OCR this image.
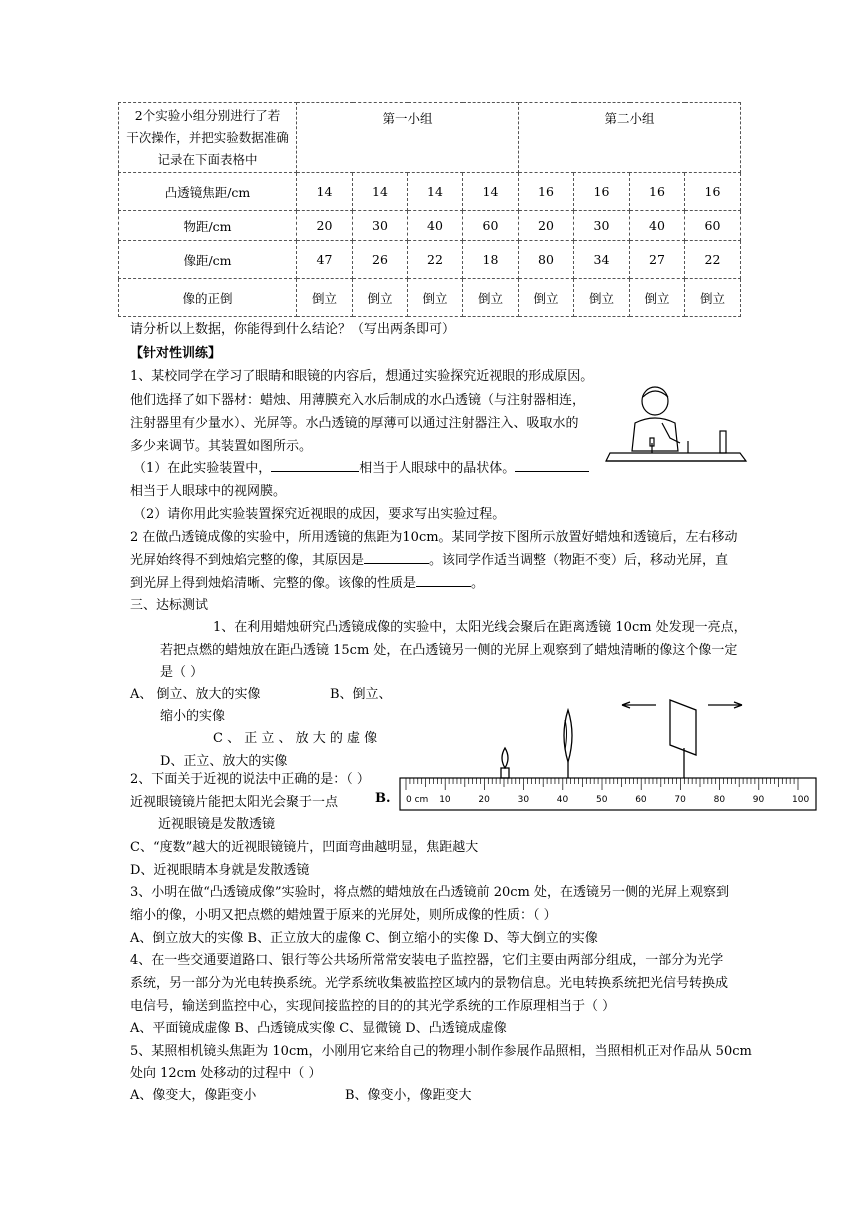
2个实验小组分别进行了若
干次操作，并把实验数据准确
记录在下面表格中	第一小组				第二小组			
凸透镜焦距/cm	14	14	14	14	16	16	16	16
物距/cm	20	30	40	60	20	30	40	60
像距/cm	47	26	22	18	80	34	27	22
像的正倒	倒立	倒立	倒立	倒立	倒立	倒立	倒立	倒立
请分析以上数据，你能得到什么结论？（写出两条即可）
【针对性训练】
1、某校同学在学习了眼睛和眼镜的内容后，想通过实验探究近视眼的形成原因。
他们选择了如下器材：蜡烛、用薄膜充入水后制成的水凸透镜（与注射器相连，
注射器里有少量水）、光屏等。水凸透镜的厚薄可以通过注射器注入、吸取水的
多少来调节。其装置如图所示。
（1）在此实验装置中，	相当于人眼球中的晶状体。
相当于人眼球中的视网膜。
（2）请你用此实验装置探究近视眼的成因，要求写出实验过程。
2 在做凸透镜成像的实验中，所用透镜的焦距为10cm。某同学按下图所示放置好蜡烛和透镜后，左右移动
光屏始终得不到烛焰完整的像，其原因是	。该同学作适当调整（物距不变）后，移动光屏，直
到光屏上得到烛焰清晰、完整的像。该像的性质是	。
三、达标测试
1、在利用蜡烛研究凸透镜成像的实验中，太阳光线会聚后在距离透镜 10cm 处发现一亮点，
若把点燃的蜡烛放在距凸透镜 15cm 处，在凸透镜另一侧的光屏上观察到了蜡烛清晰的像这个像一定
是（ ）
A、 倒立、放大的实像	B、倒立、
缩小的实像
C 、 正 立 、 放 大 的 虚 像
D、正立、放大的实像
0 cm 10	20	30	40	50	60	70	80	90	100
2、下面关于近视的说法中正确的是：（ ）
近视眼镜镜片能把太阳光会聚于一点	B.
近视眼镜是发散透镜
C、“度数”越大的近视眼镜镜片，凹面弯曲越明显，焦距越大
D、近视眼睛本身就是发散透镜
3、小明在做“凸透镜成像”实验时，将点燃的蜡烛放在凸透镜前 20cm 处，在透镜另一侧的光屏上观察到
缩小的像，小明又把点燃的蜡烛置于原来的光屏处，则所成像的性质：（ ）
A、倒立放大的实像 B、正立放大的虚像 C、倒立缩小的实像 D、等大倒立的实像
4、在一些交通要道路口、银行等公共场所常常安装电子监控器，它们主要由两部分组成，一部分为光学
系统，另一部分为光电转换系统。光学系统收集被监控区域内的景物信息。光电转换系统把光信号转换成
电信号，输送到监控中心，实现间接监控的目的的其光学系统的工作原理相当于（ ）
A、平面镜成虚像 B、凸透镜成实像 C、显微镜 D、凸透镜成虚像
5、某照相机镜头焦距为 10cm，小刚用它来给自己的物理小制作参展作品照相，当照相机正对作品从 50cm
处向 12cm 处移动的过程中（ ）
A、像变大，像距变小	B、像变小，像距变大
